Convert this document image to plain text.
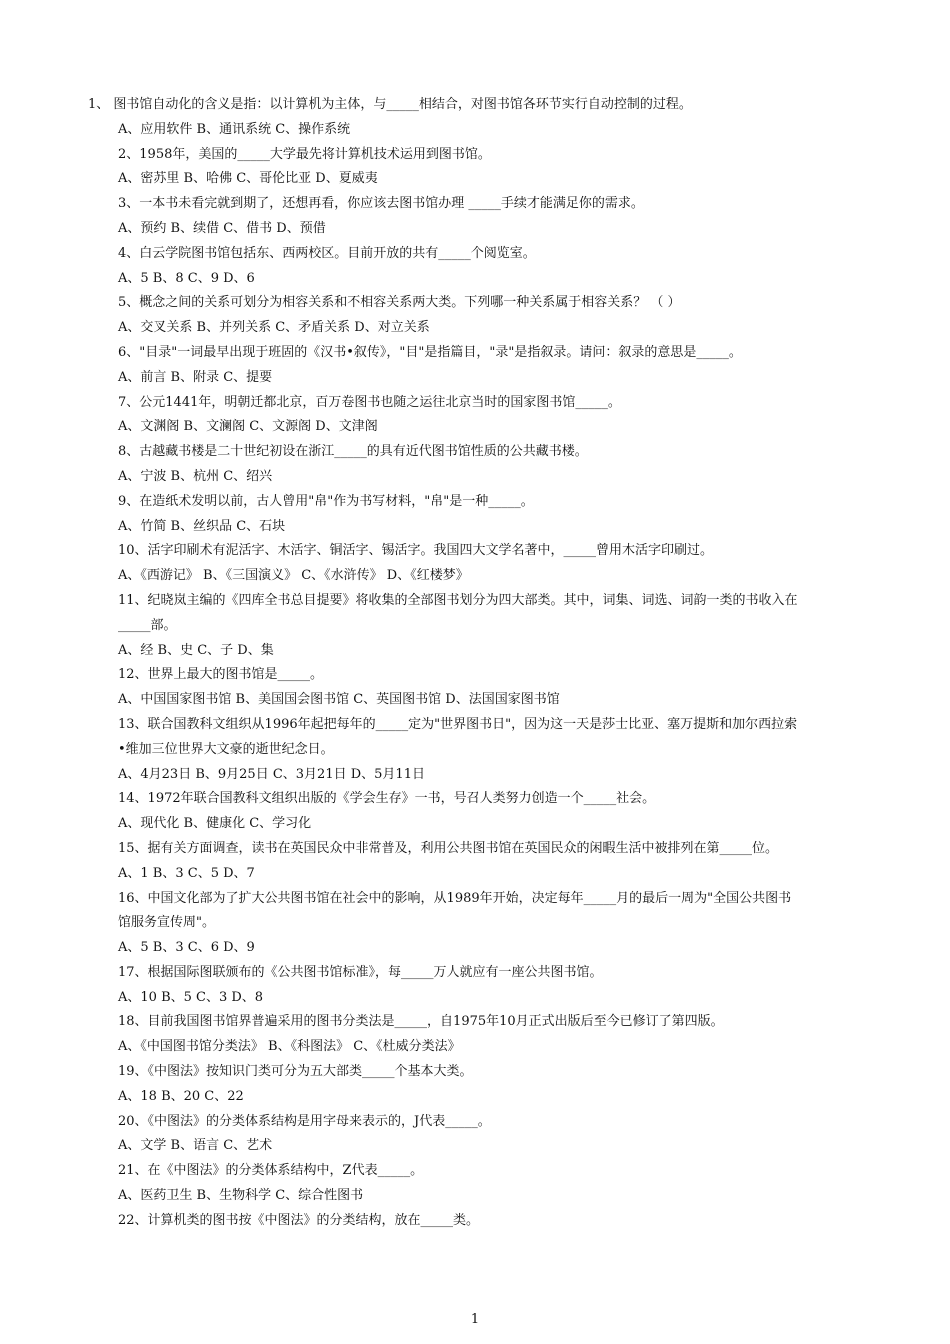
1、 图书馆自动化的含义是指：以计算机为主体，与_____相结合，对图书馆各环节实行自动控制的过程。
A、应用软件 B、通讯系统 C、操作系统
2、1958年，美国的_____大学最先将计算机技术运用到图书馆。
A、密苏里 B、哈佛 C、哥伦比亚 D、夏威夷
3、一本书未看完就到期了，还想再看，你应该去图书馆办理 _____手续才能满足你的需求。
A、预约 B、续借 C、借书 D、预借
4、白云学院图书馆包括东、西两校区。目前开放的共有_____个阅览室。
A、5 B、8 C、9 D、6
5、概念之间的关系可划分为相容关系和不相容关系两大类。下列哪一种关系属于相容关系？ （ ）
A、交叉关系 B、并列关系 C、矛盾关系 D、对立关系
6、"目录"一词最早出现于班固的《汉书•叙传》，"目"是指篇目，"录"是指叙录。请问：叙录的意思是_____。
A、前言 B、附录 C、提要
7、公元1441年，明朝迁都北京，百万卷图书也随之运往北京当时的国家图书馆_____。
A、文渊阁 B、文澜阁 C、文源阁 D、文津阁
8、古越藏书楼是二十世纪初设在浙江_____的具有近代图书馆性质的公共藏书楼。
A、宁波 B、杭州 C、绍兴
9、在造纸术发明以前，古人曾用"帛"作为书写材料，"帛"是一种_____。
A、竹简 B、丝织品 C、石块
10、活字印刷术有泥活字、木活字、铜活字、锡活字。我国四大文学名著中，_____曾用木活字印刷过。
A、《西游记》 B、《三国演义》 C、《水浒传》 D、《红楼梦》
11、纪晓岚主编的《四库全书总目提要》将收集的全部图书划分为四大部类。其中，词集、词选、词韵一类的书收入在
_____部。
A、经 B、史 C、子 D、集
12、世界上最大的图书馆是_____。
A、中国国家图书馆 B、美国国会图书馆 C、英国图书馆 D、法国国家图书馆
13、联合国教科文组织从1996年起把每年的_____定为"世界图书日"，因为这一天是莎士比亚、塞万提斯和加尔西拉索
•维加三位世界大文豪的逝世纪念日。
A、4月23日 B、9月25日 C、3月21日 D、5月11日
14、1972年联合国教科文组织出版的《学会生存》一书，号召人类努力创造一个_____社会。
A、现代化 B、健康化 C、学习化
15、据有关方面调查，读书在英国民众中非常普及，利用公共图书馆在英国民众的闲暇生活中被排列在第_____位。
A、1 B、3 C、5 D、7
16、中国文化部为了扩大公共图书馆在社会中的影响，从1989年开始，决定每年_____月的最后一周为"全国公共图书
馆服务宣传周"。
A、5 B、3 C、6 D、9
17、根据国际图联颁布的《公共图书馆标准》，每_____万人就应有一座公共图书馆。
A、10 B、5 C、3 D、8
18、目前我国图书馆界普遍采用的图书分类法是_____，自1975年10月正式出版后至今已修订了第四版。
A、《中国图书馆分类法》 B、《科图法》 C、《杜威分类法》
19、《中图法》按知识门类可分为五大部类_____个基本大类。
A、18 B、20 C、22
20、《中图法》的分类体系结构是用字母来表示的，J代表_____。
A、文学 B、语言 C、艺术
21、在《中图法》的分类体系结构中，Z代表_____。
A、医药卫生 B、生物科学 C、综合性图书
22、计算机类的图书按《中图法》的分类结构，放在_____类。
1
